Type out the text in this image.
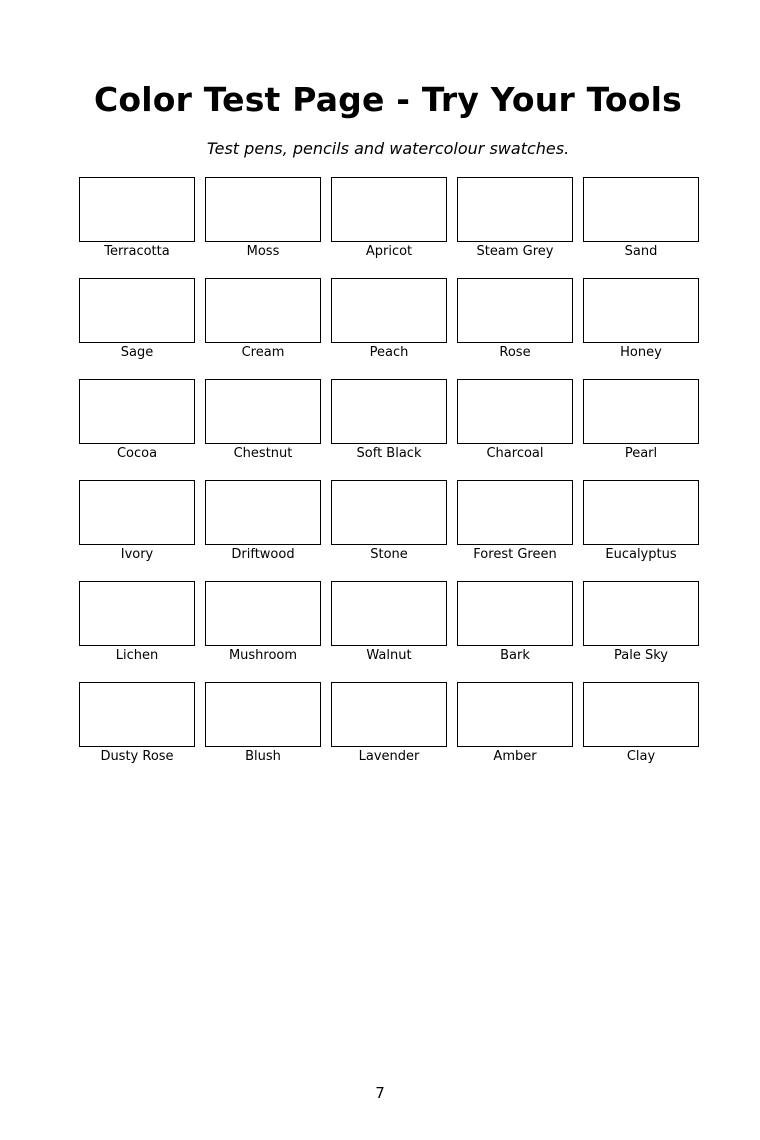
Color Test Page - Try Your Tools
Test pens, pencils and watercolour swatches.
Terracotta	Moss	Apricot	Steam Grey	Sand
Sage	Cream	Peach	Rose	Honey
Cocoa	Chestnut	Soft Black	Charcoal	Pearl
Ivory	Driftwood	Stone	Forest Green	Eucalyptus
Lichen	Mushroom	Walnut	Bark	Pale Sky
Dusty Rose	Blush	Lavender	Amber	Clay
7
